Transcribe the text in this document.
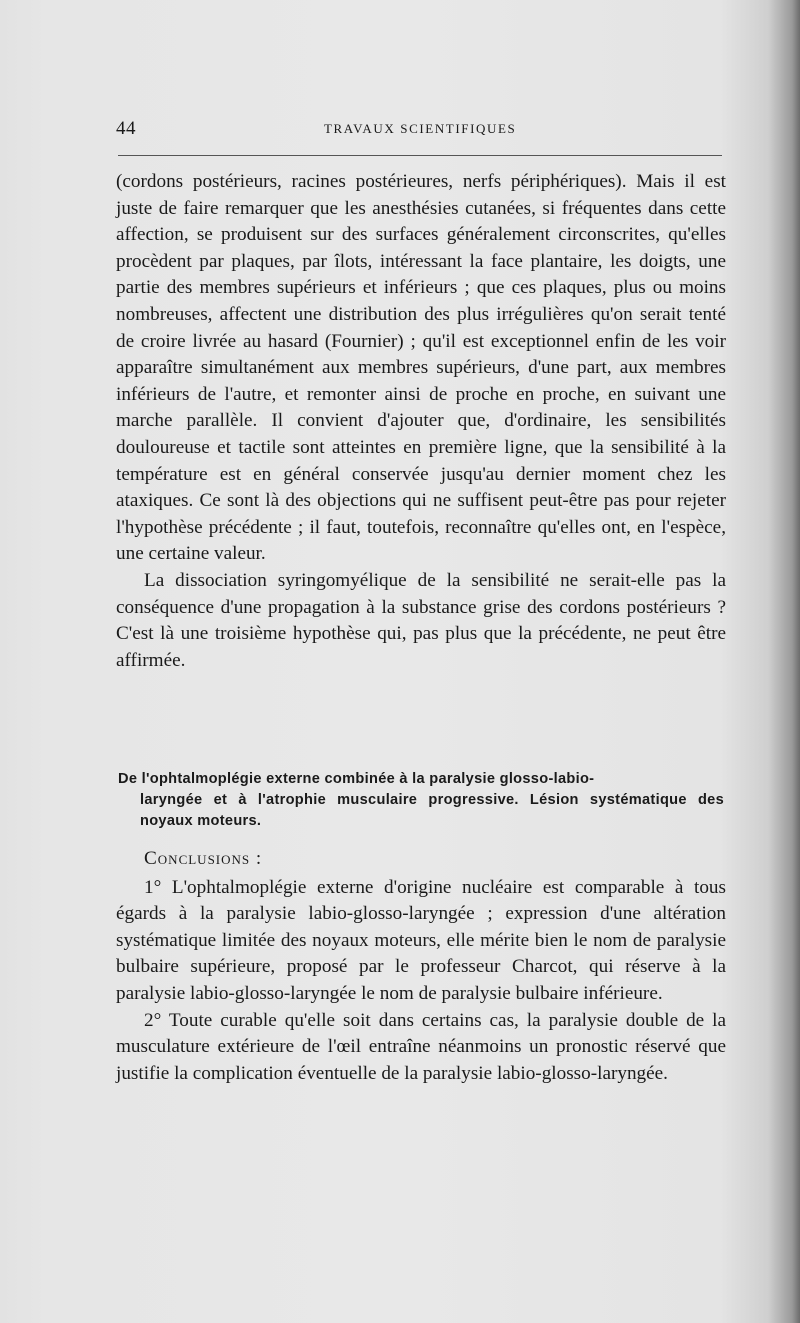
44	TRAVAUX SCIENTIFIQUES

(cordons postérieurs, racines postérieures, nerfs périphériques). Mais il est juste de faire remarquer que les anesthésies cutanées, si fréquentes dans cette affection, se produisent sur des surfaces généralement circonscrites, qu'elles procèdent par plaques, par îlots, intéressant la face plantaire, les doigts, une partie des membres supérieurs et inférieurs ; que ces plaques, plus ou moins nombreuses, affectent une distribution des plus irrégulières qu'on serait tenté de croire livrée au hasard (Fournier) ; qu'il est exceptionnel enfin de les voir apparaître simultanément aux membres supérieurs, d'une part, aux membres inférieurs de l'autre, et remonter ainsi de proche en proche, en suivant une marche parallèle. Il convient d'ajouter que, d'ordinaire, les sensibilités douloureuse et tactile sont atteintes en première ligne, que la sensibilité à la température est en général conservée jusqu'au dernier moment chez les ataxiques. Ce sont là des objections qui ne suffisent peut-être pas pour rejeter l'hypothèse précédente ; il faut, toutefois, reconnaître qu'elles ont, en l'espèce, une certaine valeur.

La dissociation syringomyélique de la sensibilité ne serait-elle pas la conséquence d'une propagation à la substance grise des cordons postérieurs ? C'est là une troisième hypothèse qui, pas plus que la précédente, ne peut être affirmée.

De l'ophtalmoplégie externe combinée à la paralysie glosso-labio-
laryngée et à l'atrophie musculaire progressive. Lésion systématique des noyaux moteurs.

Conclusions :

1° L'ophtalmoplégie externe d'origine nucléaire est comparable à tous égards à la paralysie labio-glosso-laryngée ; expression d'une altération systématique limitée des noyaux moteurs, elle mérite bien le nom de paralysie bulbaire supérieure, proposé par le professeur Charcot, qui réserve à la paralysie labio-glosso-laryngée le nom de paralysie bulbaire inférieure.

2° Toute curable qu'elle soit dans certains cas, la paralysie double de la musculature extérieure de l'œil entraîne néanmoins un pronostic réservé que justifie la complication éventuelle de la paralysie labio-glosso-laryngée.
